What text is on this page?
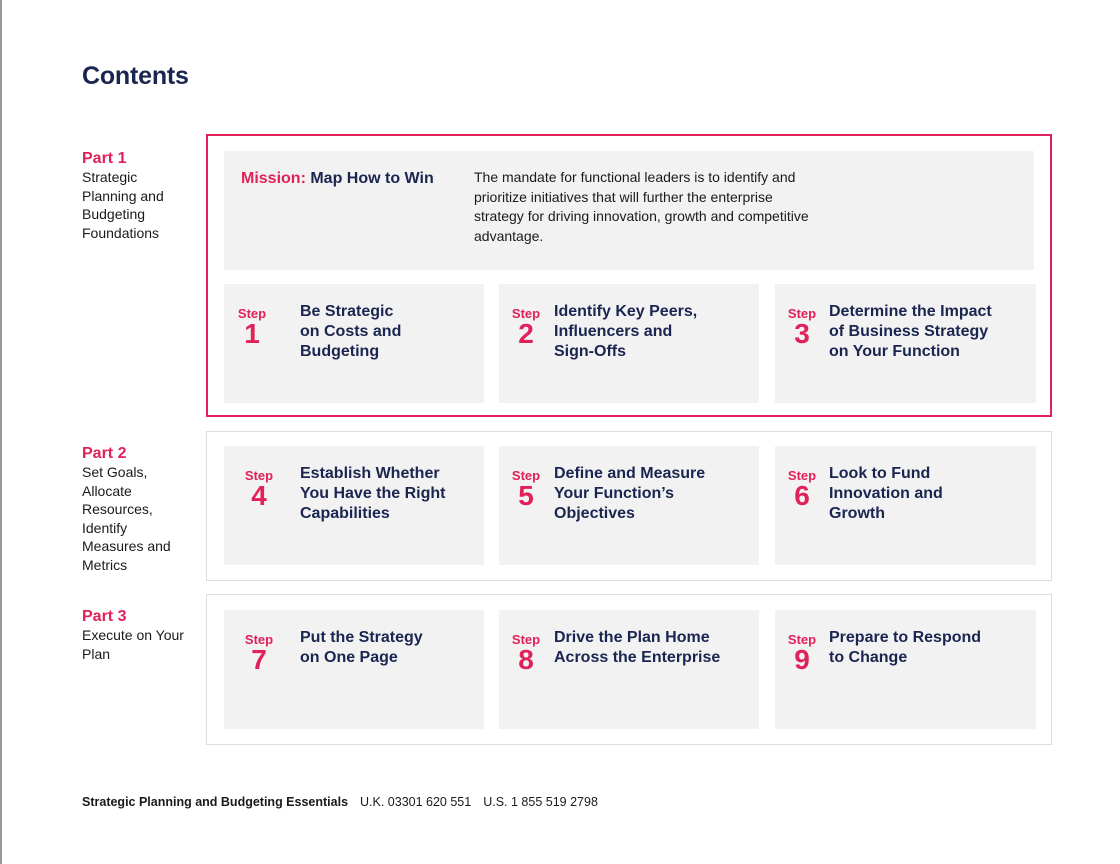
Contents
Part 1
Strategic Planning and Budgeting Foundations
Part 2
Set Goals, Allocate Resources, Identify Measures and Metrics
Part 3
Execute on Your Plan
Mission: Map How to Win	The mandate for functional leaders is to identify and prioritize initiatives that will further the enterprise strategy for driving innovation, growth and competitive advantage.
Step
1
Be Strategic
on Costs and
Budgeting
Step
2
Identify Key Peers,
Influencers and
Sign-Offs
Step
3
Determine the Impact
of Business Strategy
on Your Function
Step
4
Establish Whether
You Have the Right
Capabilities
Step
5
Define and Measure
Your Function’s
Objectives
Step
6
Look to Fund
Innovation and
Growth
Step
7
Put the Strategy
on One Page
Step
8
Drive the Plan Home
Across the Enterprise
Step
9
Prepare to Respond
to Change
Strategic Planning and Budgeting Essentials U.K. 03301 620 551 U.S. 1 855 519 2798
